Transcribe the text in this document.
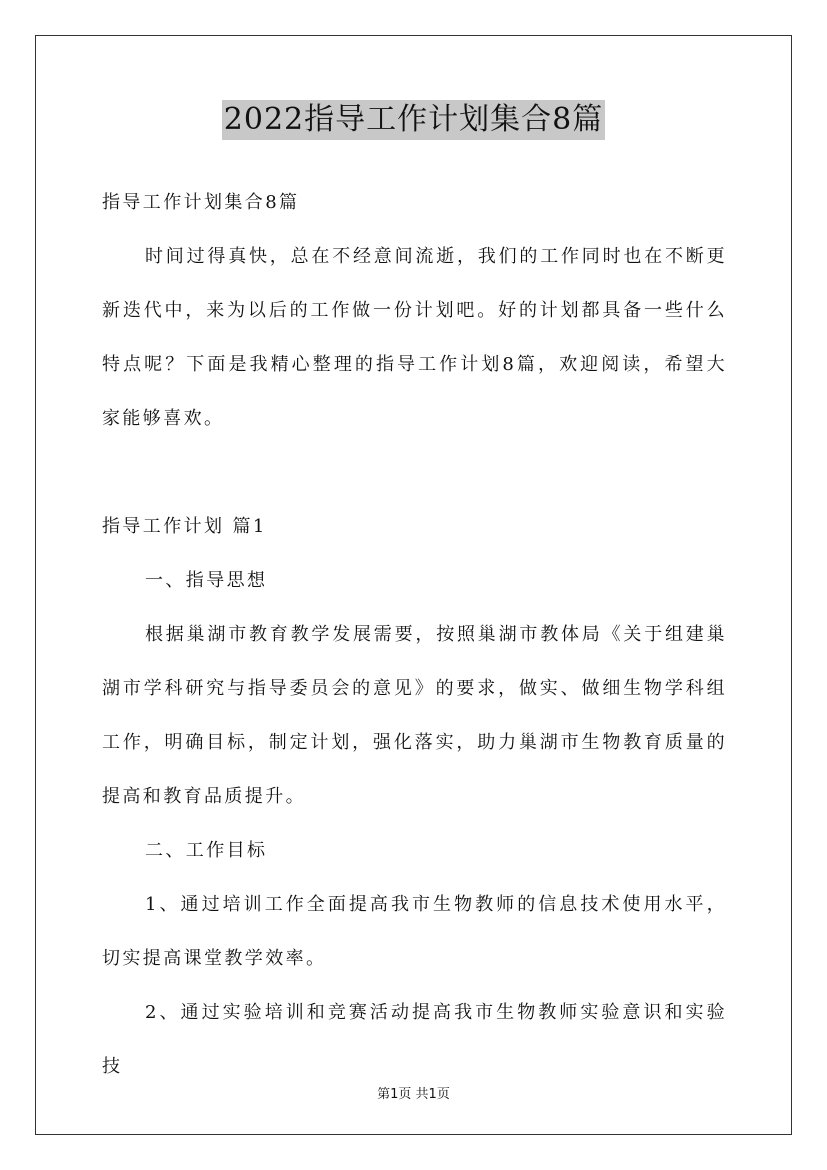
2022指导工作计划集合8篇

指导工作计划集合8篇

时间过得真快，总在不经意间流逝，我们的工作同时也在不断更新迭代中，来为以后的工作做一份计划吧。好的计划都具备一些什么特点呢？下面是我精心整理的指导工作计划8篇，欢迎阅读，希望大家能够喜欢。

指导工作计划 篇1

一、指导思想

根据巢湖市教育教学发展需要，按照巢湖市教体局《关于组建巢湖市学科研究与指导委员会的意见》的要求，做实、做细生物学科组工作，明确目标，制定计划，强化落实，助力巢湖市生物教育质量的提高和教育品质提升。

二、工作目标

1、通过培训工作全面提高我市生物教师的信息技术使用水平，切实提高课堂教学效率。

2、通过实验培训和竞赛活动提高我市生物教师实验意识和实验技

第1页 共1页
